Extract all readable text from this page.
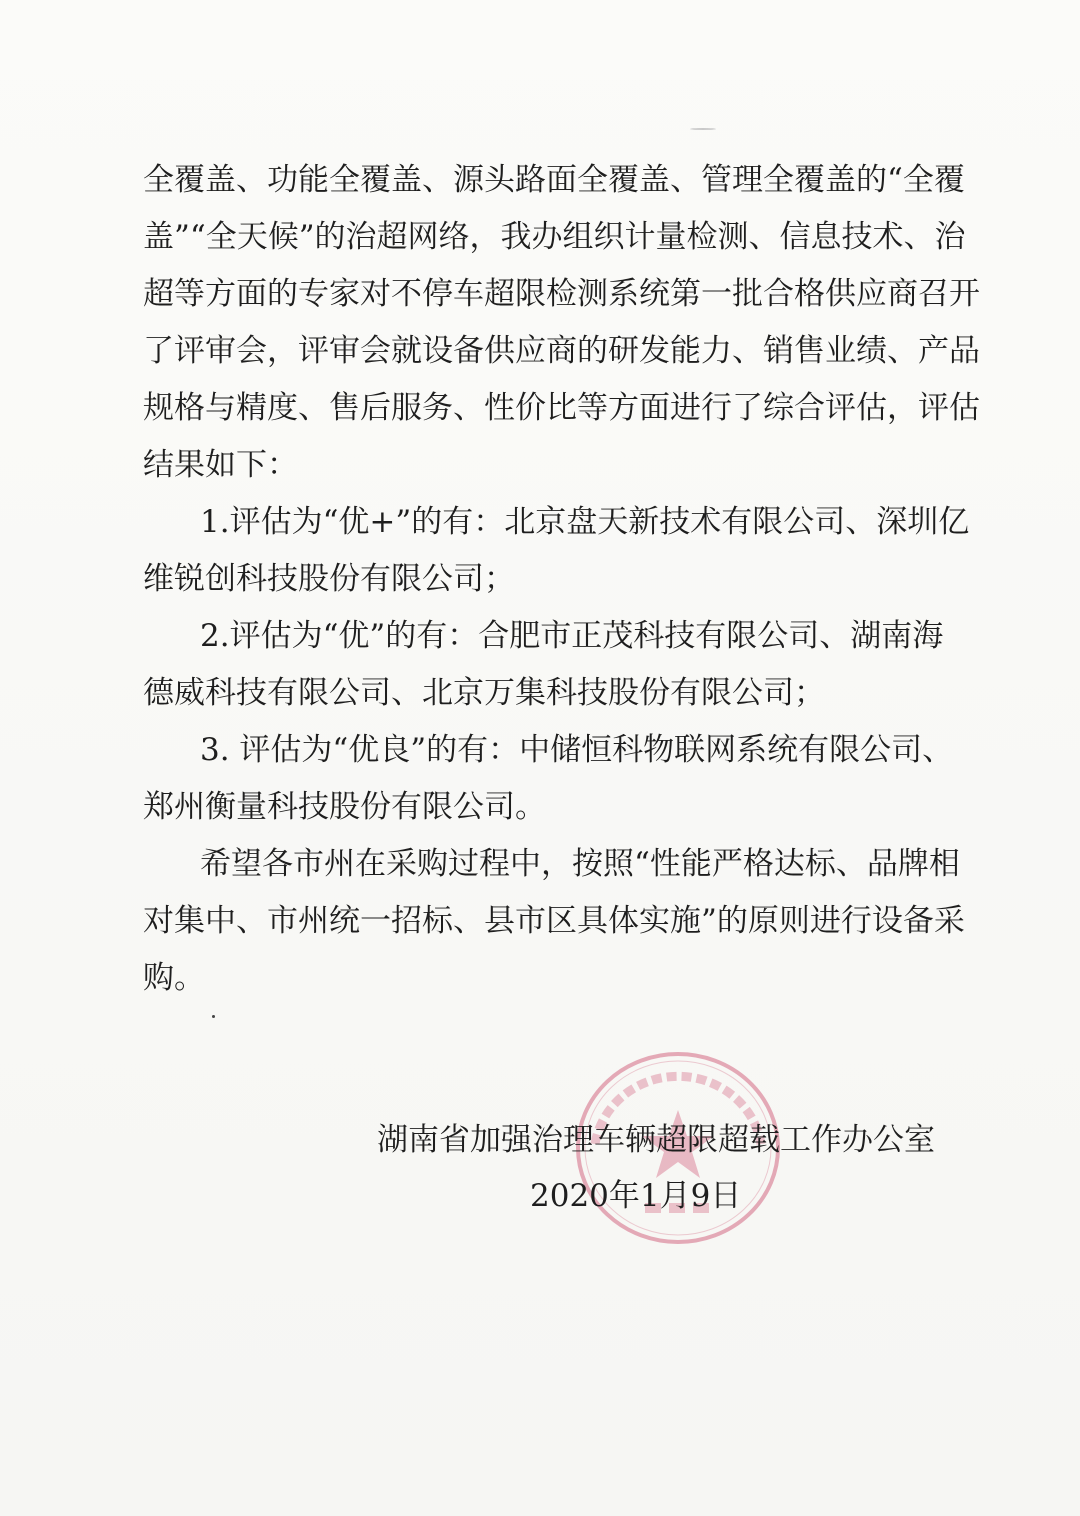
全覆盖、功能全覆盖、源头路面全覆盖、管理全覆盖的“全覆
盖”“全天候”的治超网络，我办组织计量检测、信息技术、治
超等方面的专家对不停车超限检测系统第一批合格供应商召开
了评审会，评审会就设备供应商的研发能力、销售业绩、产品
规格与精度、售后服务、性价比等方面进行了综合评估，评估
结果如下：
1.评估为“优+”的有：北京盘天新技术有限公司、深圳亿
维锐创科技股份有限公司；
2.评估为“优”的有：合肥市正茂科技有限公司、湖南海
德威科技有限公司、北京万集科技股份有限公司；
3. 评估为“优良”的有：中储恒科物联网系统有限公司、
郑州衡量科技股份有限公司。
希望各市州在采购过程中，按照“性能严格达标、品牌相
对集中、市州统一招标、县市区具体实施”的原则进行设备采
购。
湖南省加强治理车辆超限超载工作办公室
2020年1月9日
